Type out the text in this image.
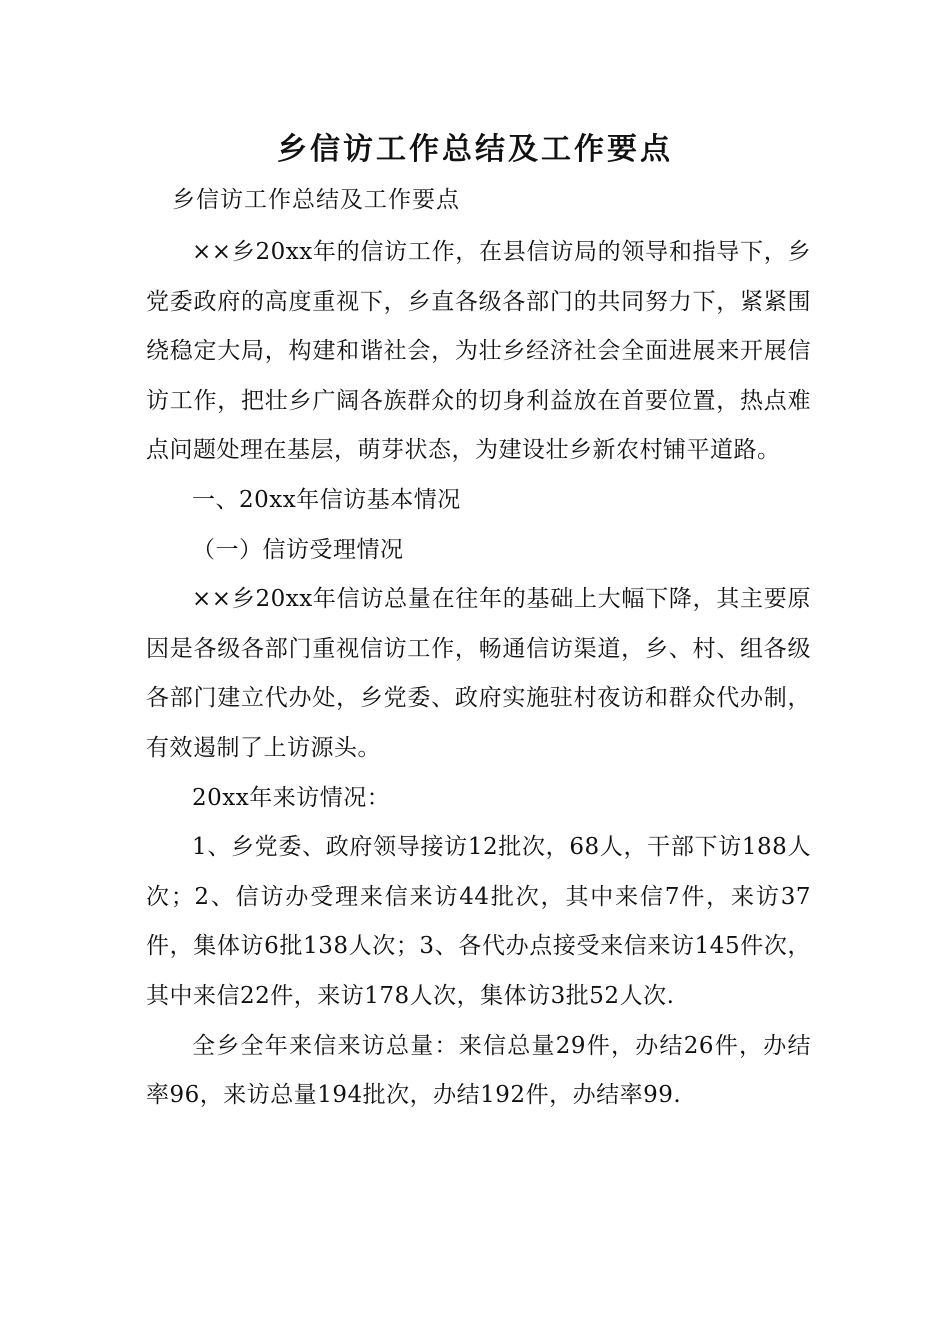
乡信访工作总结及工作要点
乡信访工作总结及工作要点

××乡20xx年的信访工作，在县信访局的领导和指导下，乡党委政府的高度重视下，乡直各级各部门的共同努力下，紧紧围绕稳定大局，构建和谐社会，为壮乡经济社会全面进展来开展信访工作，把壮乡广阔各族群众的切身利益放在首要位置，热点难点问题处理在基层，萌芽状态，为建设壮乡新农村铺平道路。

一、20xx年信访基本情况

（一）信访受理情况

××乡20xx年信访总量在往年的基础上大幅下降，其主要原因是各级各部门重视信访工作，畅通信访渠道，乡、村、组各级各部门建立代办处，乡党委、政府实施驻村夜访和群众代办制，有效遏制了上访源头。

20xx年来访情况：

1、乡党委、政府领导接访12批次，68人，干部下访188人次；2、信访办受理来信来访44批次，其中来信7件，来访37件，集体访6批138人次；3、各代办点接受来信来访145件次，其中来信22件，来访178人次，集体访3批52人次.

全乡全年来信来访总量：来信总量29件，办结26件，办结率96，来访总量194批次，办结192件，办结率99.
